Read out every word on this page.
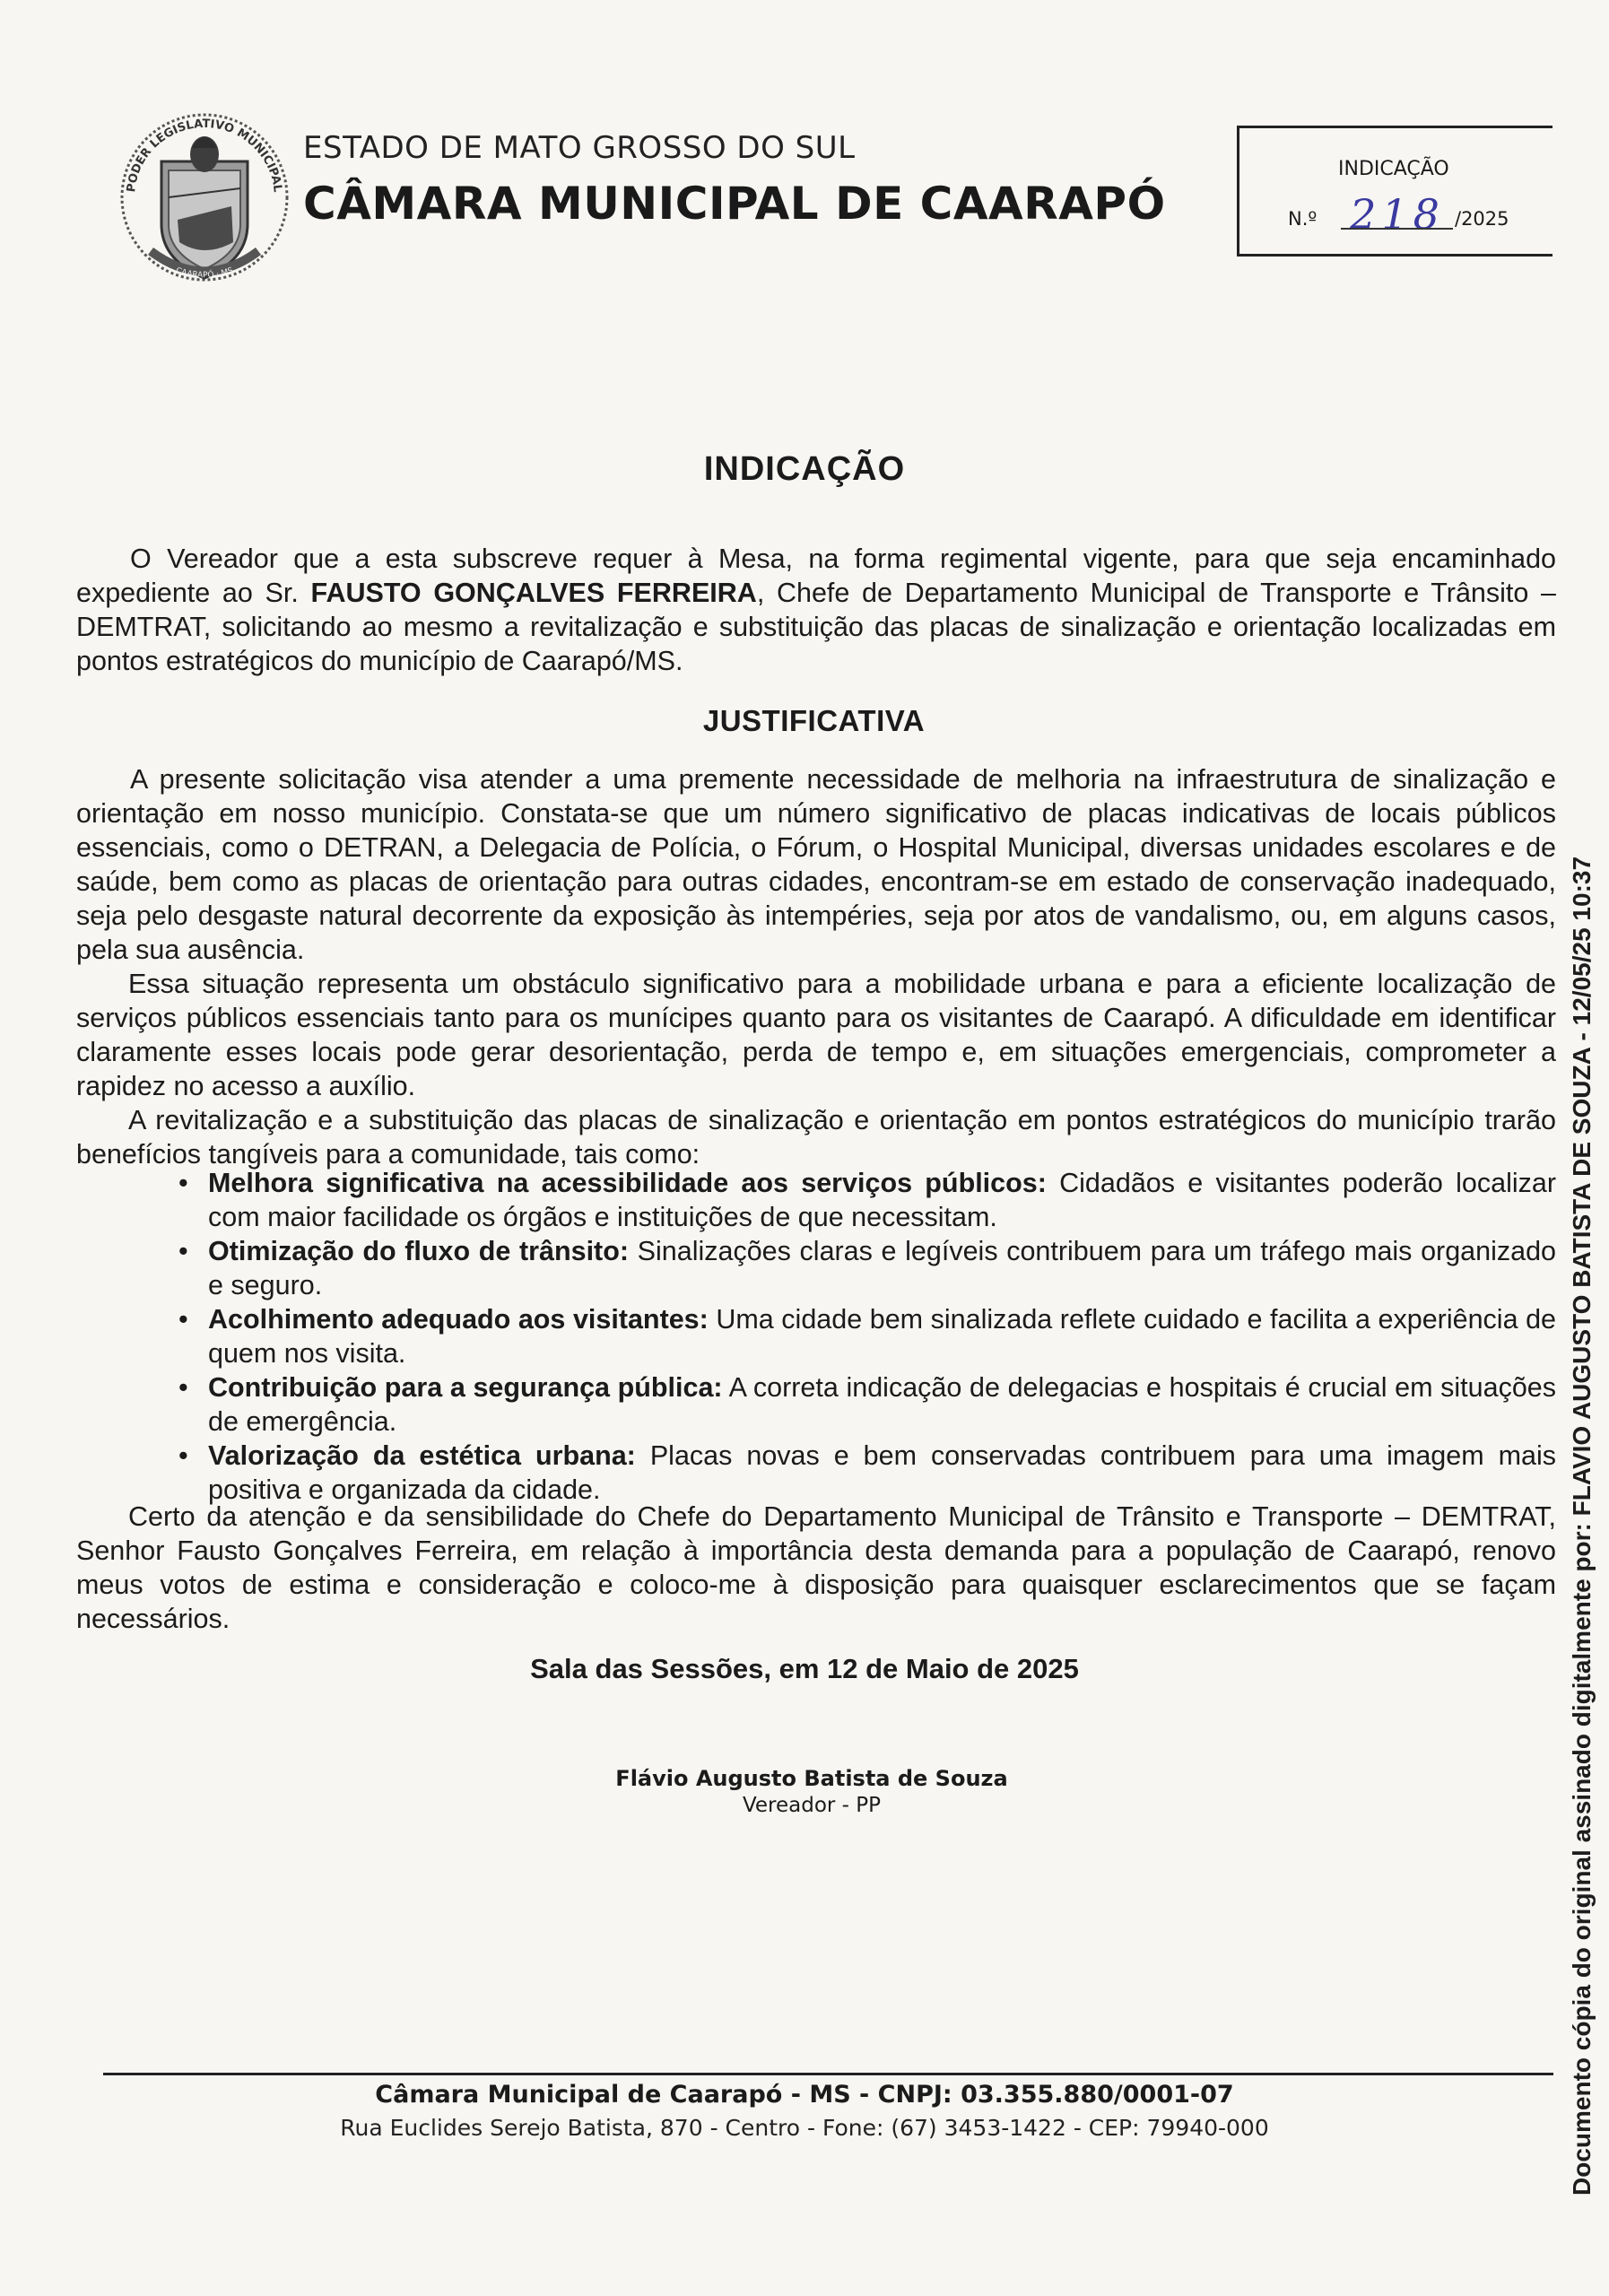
PODER LEGISLATIVO MUNICIPAL
CAARAPÓ · MS
ESTADO DE MATO GROSSO DO SUL
CÂMARA MUNICIPAL DE CAARAPÓ
INDICAÇÃO
N.º 218 /2025
INDICAÇÃO
O Vereador que a esta subscreve requer à Mesa, na forma regimental vigente, para que seja encaminhado expediente ao Sr. FAUSTO GONÇALVES FERREIRA, Chefe de Departamento Municipal de Transporte e Trânsito – DEMTRAT, solicitando ao mesmo a revitalização e substituição das placas de sinalização e orientação localizadas em pontos estratégicos do município de Caarapó/MS.
JUSTIFICATIVA
A presente solicitação visa atender a uma premente necessidade de melhoria na infraestrutura de sinalização e orientação em nosso município. Constata-se que um número significativo de placas indicativas de locais públicos essenciais, como o DETRAN, a Delegacia de Polícia, o Fórum, o Hospital Municipal, diversas unidades escolares e de saúde, bem como as placas de orientação para outras cidades, encontram-se em estado de conservação inadequado, seja pelo desgaste natural decorrente da exposição às intempéries, seja por atos de vandalismo, ou, em alguns casos, pela sua ausência.
Essa situação representa um obstáculo significativo para a mobilidade urbana e para a eficiente localização de serviços públicos essenciais tanto para os munícipes quanto para os visitantes de Caarapó. A dificuldade em identificar claramente esses locais pode gerar desorientação, perda de tempo e, em situações emergenciais, comprometer a rapidez no acesso a auxílio.
A revitalização e a substituição das placas de sinalização e orientação em pontos estratégicos do município trarão benefícios tangíveis para a comunidade, tais como:
• Melhora significativa na acessibilidade aos serviços públicos: Cidadãos e visitantes poderão localizar com maior facilidade os órgãos e instituições de que necessitam.
• Otimização do fluxo de trânsito: Sinalizações claras e legíveis contribuem para um tráfego mais organizado e seguro.
• Acolhimento adequado aos visitantes: Uma cidade bem sinalizada reflete cuidado e facilita a experiência de quem nos visita.
• Contribuição para a segurança pública: A correta indicação de delegacias e hospitais é crucial em situações de emergência.
• Valorização da estética urbana: Placas novas e bem conservadas contribuem para uma imagem mais positiva e organizada da cidade.
Certo da atenção e da sensibilidade do Chefe do Departamento Municipal de Trânsito e Transporte – DEMTRAT, Senhor Fausto Gonçalves Ferreira, em relação à importância desta demanda para a população de Caarapó, renovo meus votos de estima e consideração e coloco-me à disposição para quaisquer esclarecimentos que se façam necessários.
Sala das Sessões, em 12 de Maio de 2025
Flávio Augusto Batista de Souza
Vereador - PP
Câmara Municipal de Caarapó - MS - CNPJ: 03.355.880/0001-07
Rua Euclides Serejo Batista, 870 - Centro - Fone: (67) 3453-1422 - CEP: 79940-000	Documento cópia do original assinado digitalmente por: FLAVIO AUGUSTO BATISTA DE SOUZA - 12/05/25 10:37
